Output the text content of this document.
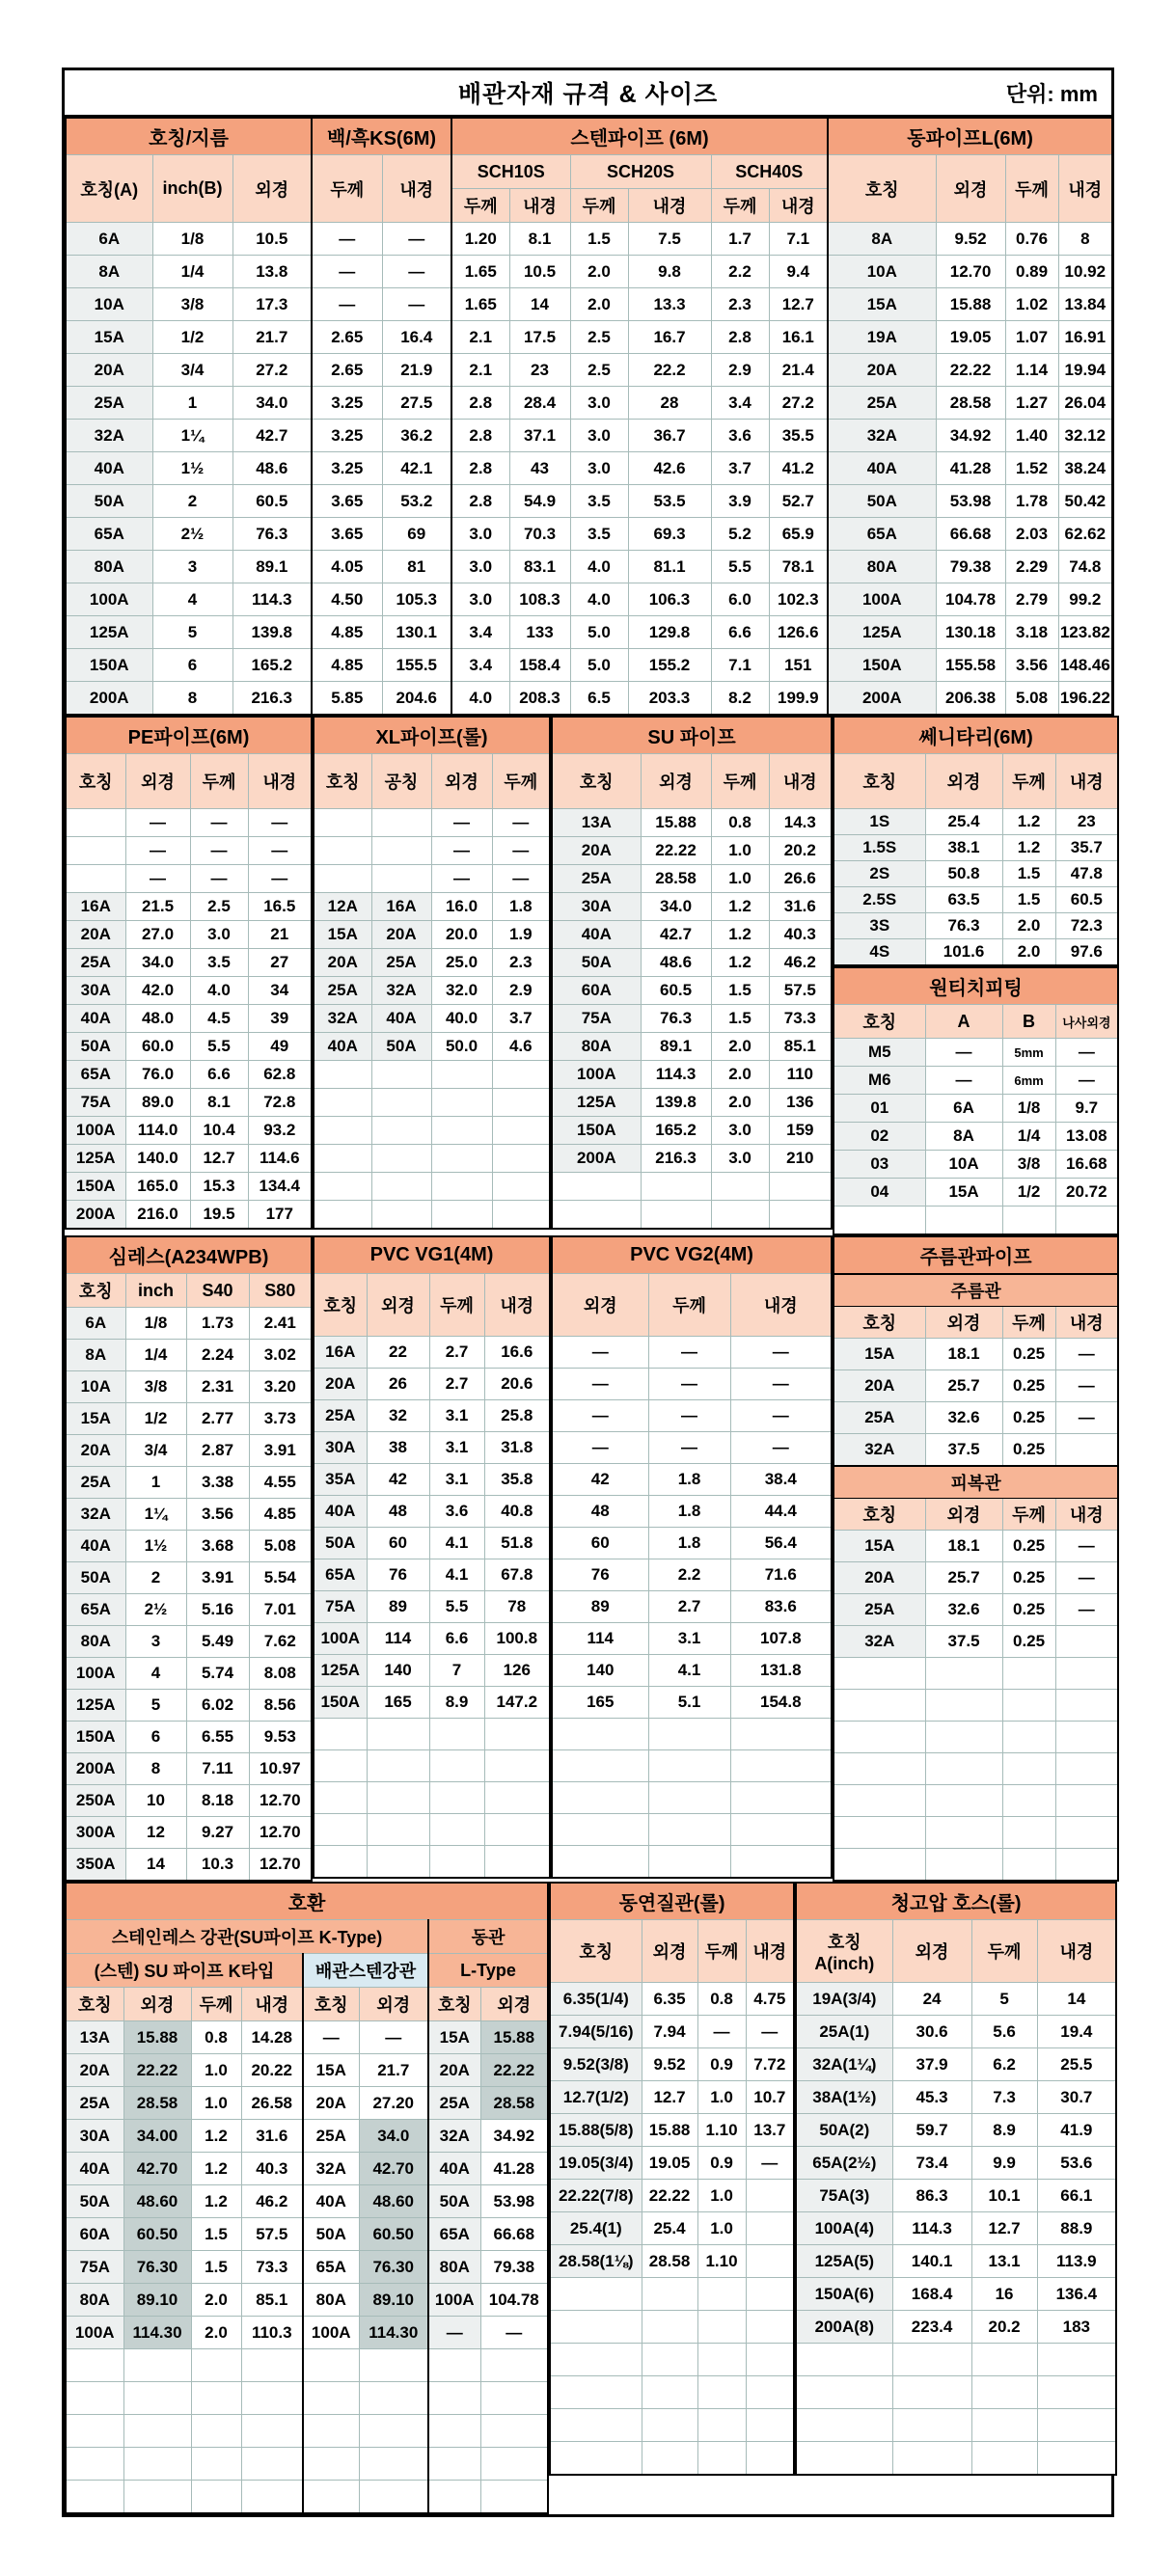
배관자재 규격 & 사이즈	단위: mm
호칭/지름			백/흑KS(6M)		스텐파이프 (6M)						동파이프L(6M)			
호칭(A)	inch(B)	외경	두께	내경	SCH10S		SCH20S		SCH40S		호칭	외경	두께	내경
					두께	내경	두께	내경	두께	내경				
6A	1/8	10.5	—	—	1.20	8.1	1.5	7.5	1.7	7.1	8A	9.52	0.76	8
8A	1/4	13.8	—	—	1.65	10.5	2.0	9.8	2.2	9.4	10A	12.70	0.89	10.92
10A	3/8	17.3	—	—	1.65	14	2.0	13.3	2.3	12.7	15A	15.88	1.02	13.84
15A	1/2	21.7	2.65	16.4	2.1	17.5	2.5	16.7	2.8	16.1	19A	19.05	1.07	16.91
20A	3/4	27.2	2.65	21.9	2.1	23	2.5	22.2	2.9	21.4	20A	22.22	1.14	19.94
25A	1	34.0	3.25	27.5	2.8	28.4	3.0	28	3.4	27.2	25A	28.58	1.27	26.04
32A	1¼	42.7	3.25	36.2	2.8	37.1	3.0	36.7	3.6	35.5	32A	34.92	1.40	32.12
40A	1½	48.6	3.25	42.1	2.8	43	3.0	42.6	3.7	41.2	40A	41.28	1.52	38.24
50A	2	60.5	3.65	53.2	2.8	54.9	3.5	53.5	3.9	52.7	50A	53.98	1.78	50.42
65A	2½	76.3	3.65	69	3.0	70.3	3.5	69.3	5.2	65.9	65A	66.68	2.03	62.62
80A	3	89.1	4.05	81	3.0	83.1	4.0	81.1	5.5	78.1	80A	79.38	2.29	74.8
100A	4	114.3	4.50	105.3	3.0	108.3	4.0	106.3	6.0	102.3	100A	104.78	2.79	99.2
125A	5	139.8	4.85	130.1	3.4	133	5.0	129.8	6.6	126.6	125A	130.18	3.18	123.82
150A	6	165.2	4.85	155.5	3.4	158.4	5.0	155.2	7.1	151	150A	155.58	3.56	148.46
200A	8	216.3	5.85	204.6	4.0	208.3	6.5	203.3	8.2	199.9	200A	206.38	5.08	196.22
PE파이프(6M)			
호칭	외경	두께	내경
	—	—	—
	—	—	—
	—	—	—
16A	21.5	2.5	16.5
20A	27.0	3.0	21
25A	34.0	3.5	27
30A	42.0	4.0	34
40A	48.0	4.5	39
50A	60.0	5.5	49
65A	76.0	6.6	62.8
75A	89.0	8.1	72.8
100A	114.0	10.4	93.2
125A	140.0	12.7	114.6
150A	165.0	15.3	134.4
200A	216.0	19.5	177
XL파이프(롤)			
호칭	공칭	외경	두께
		—	—
		—	—
		—	—
12A	16A	16.0	1.8
15A	20A	20.0	1.9
20A	25A	25.0	2.3
25A	32A	32.0	2.9
32A	40A	40.0	3.7
40A	50A	50.0	4.6

SU 파이프			
호칭	외경	두께	내경
13A	15.88	0.8	14.3
20A	22.22	1.0	20.2
25A	28.58	1.0	26.6
30A	34.0	1.2	31.6
40A	42.7	1.2	40.3
50A	48.6	1.2	46.2
60A	60.5	1.5	57.5
75A	76.3	1.5	73.3
80A	89.1	2.0	85.1
100A	114.3	2.0	110
125A	139.8	2.0	136
150A	165.2	3.0	159
200A	216.3	3.0	210

쎄니타리(6M)			
호칭	외경	두께	내경
1S	25.4	1.2	23
1.5S	38.1	1.2	35.7
2S	50.8	1.5	47.8
2.5S	63.5	1.5	60.5
3S	76.3	2.0	72.3
4S	101.6	2.0	97.6
원티치피팅			
호칭	A	B	나사외경
M5	—	5mm	—
M6	—	6mm	—
01	6A	1/8	9.7
02	8A	1/4	13.08
03	10A	3/8	16.68
04	15A	1/2	20.72

심레스(A234WPB)			
호칭	inch	S40	S80
6A	1/8	1.73	2.41
8A	1/4	2.24	3.02
10A	3/8	2.31	3.20
15A	1/2	2.77	3.73
20A	3/4	2.87	3.91
25A	1	3.38	4.55
32A	1¼	3.56	4.85
40A	1½	3.68	5.08
50A	2	3.91	5.54
65A	2½	5.16	7.01
80A	3	5.49	7.62
100A	4	5.74	8.08
125A	5	6.02	8.56
150A	6	6.55	9.53
200A	8	7.11	10.97
250A	10	8.18	12.70
300A	12	9.27	12.70
350A	14	10.3	12.70
PVC VG1(4M)			
호칭	외경	두께	내경
16A	22	2.7	16.6
20A	26	2.7	20.6
25A	32	3.1	25.8
30A	38	3.1	31.8
35A	42	3.1	35.8
40A	48	3.6	40.8
50A	60	4.1	51.8
65A	76	4.1	67.8
75A	89	5.5	78
100A	114	6.6	100.8
125A	140	7	126
150A	165	8.9	147.2

PVC VG2(4M)		
외경	두께	내경
—	—	—
—	—	—
—	—	—
—	—	—
42	1.8	38.4
48	1.8	44.4
60	1.8	56.4
76	2.2	71.6
89	2.7	83.6
114	3.1	107.8
140	4.1	131.8
165	5.1	154.8

주름관파이프			
주름관			
호칭	외경	두께	내경
15A	18.1	0.25	—
20A	25.7	0.25	—
25A	32.6	0.25	—
32A	37.5	0.25	
피복관			
호칭	외경	두께	내경
15A	18.1	0.25	—
20A	25.7	0.25	—
25A	32.6	0.25	—
32A	37.5	0.25	

호환							
스테인레스 강관(SU파이프 K-Type)						동관	
(스텐) SU 파이프 K타입				배관스텐강관		L-Type	
호칭	외경	두께	내경	호칭	외경	호칭	외경
13A	15.88	0.8	14.28	—	—	15A	15.88
20A	22.22	1.0	20.22	15A	21.7	20A	22.22
25A	28.58	1.0	26.58	20A	27.20	25A	28.58
30A	34.00	1.2	31.6	25A	34.0	32A	34.92
40A	42.70	1.2	40.3	32A	42.70	40A	41.28
50A	48.60	1.2	46.2	40A	48.60	50A	53.98
60A	60.50	1.5	57.5	50A	60.50	65A	66.68
75A	76.30	1.5	73.3	65A	76.30	80A	79.38
80A	89.10	2.0	85.1	80A	89.10	100A	104.78
100A	114.30	2.0	110.3	100A	114.30	—	—

동연질관(롤)			
호칭	외경	두께	내경
6.35(1/4)	6.35	0.8	4.75
7.94(5/16)	7.94	—	—
9.52(3/8)	9.52	0.9	7.72
12.7(1/2)	12.7	1.0	10.7
15.88(5/8)	15.88	1.10	13.7
19.05(3/4)	19.05	0.9	—
22.22(7/8)	22.22	1.0	
25.4(1)	25.4	1.0	
28.58(1⅛)	28.58	1.10	

청고압 호스(롤)			
호칭
A(inch)	외경	두께	내경
19A(3/4)	24	5	14
25A(1)	30.6	5.6	19.4
32A(1¼)	37.9	6.2	25.5
38A(1½)	45.3	7.3	30.7
50A(2)	59.7	8.9	41.9
65A(2½)	73.4	9.9	53.6
75A(3)	86.3	10.1	66.1
100A(4)	114.3	12.7	88.9
125A(5)	140.1	13.1	113.9
150A(6)	168.4	16	136.4
200A(8)	223.4	20.2	183
